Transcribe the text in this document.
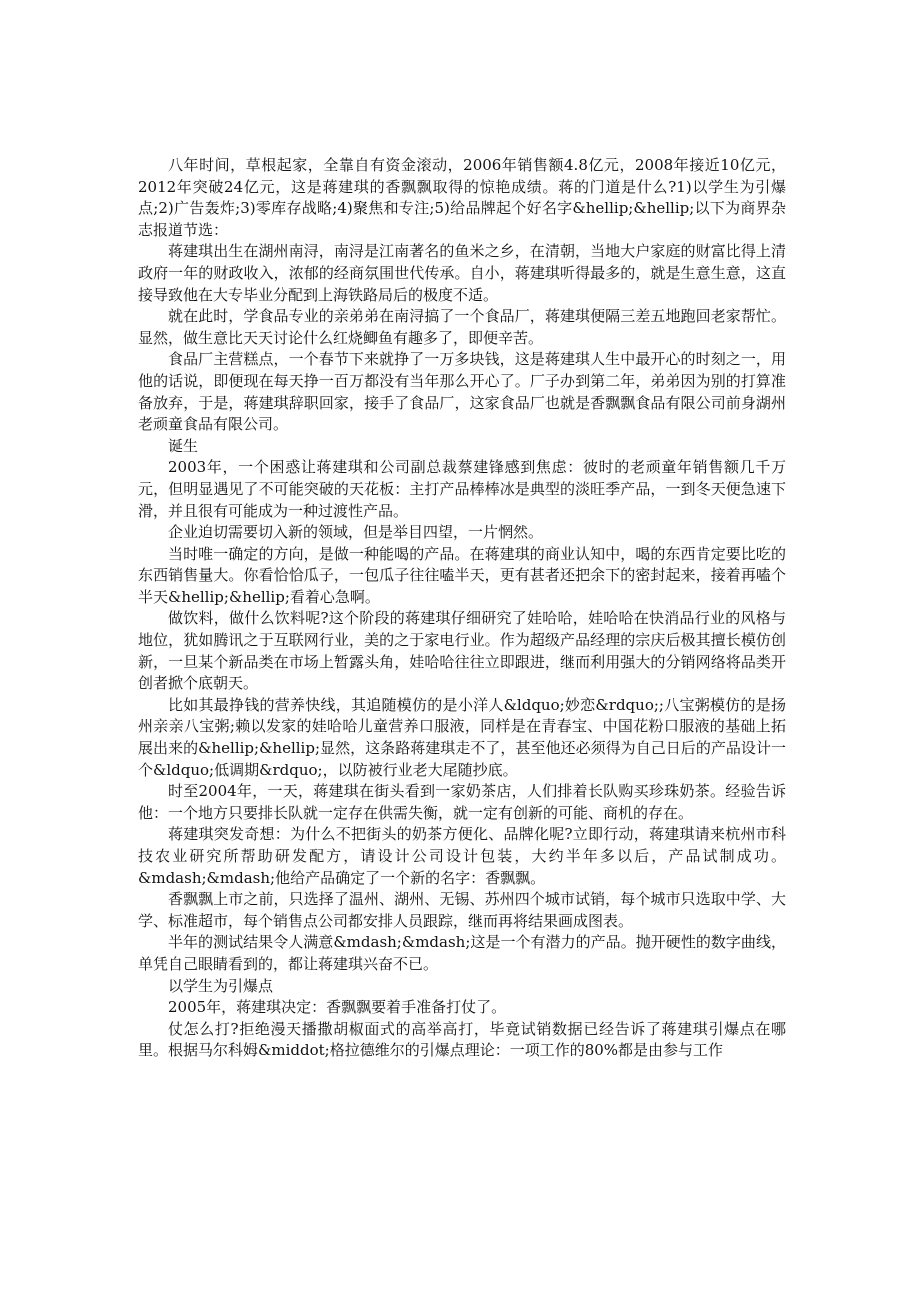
八年时间，草根起家，全靠自有资金滚动，2006年销售额4.8亿元，2008年接近10亿元，2012年突破24亿元，这是蒋建琪的香飘飘取得的惊艳成绩。蒋的门道是什么?1)以学生为引爆点;2)广告轰炸;3)零库存战略;4)聚焦和专注;5)给品牌起个好名字&hellip;&hellip;以下为商界杂志报道节选：

蒋建琪出生在湖州南浔，南浔是江南著名的鱼米之乡，在清朝，当地大户家庭的财富比得上清政府一年的财政收入，浓郁的经商氛围世代传承。自小，蒋建琪听得最多的，就是生意生意，这直接导致他在大专毕业分配到上海铁路局后的极度不适。

就在此时，学食品专业的亲弟弟在南浔搞了一个食品厂，蒋建琪便隔三差五地跑回老家帮忙。显然，做生意比天天讨论什么红烧鲫鱼有趣多了，即便辛苦。

食品厂主营糕点，一个春节下来就挣了一万多块钱，这是蒋建琪人生中最开心的时刻之一，用他的话说，即便现在每天挣一百万都没有当年那么开心了。厂子办到第二年，弟弟因为别的打算准备放弃，于是，蒋建琪辞职回家，接手了食品厂，这家食品厂也就是香飘飘食品有限公司前身湖州老顽童食品有限公司。

诞生

2003年，一个困惑让蒋建琪和公司副总裁蔡建锋感到焦虑：彼时的老顽童年销售额几千万元，但明显遇见了不可能突破的天花板：主打产品棒棒冰是典型的淡旺季产品，一到冬天便急速下滑，并且很有可能成为一种过渡性产品。

企业迫切需要切入新的领域，但是举目四望，一片惘然。

当时唯一确定的方向，是做一种能喝的产品。在蒋建琪的商业认知中，喝的东西肯定要比吃的东西销售量大。你看恰恰瓜子，一包瓜子往往嗑半天，更有甚者还把余下的密封起来，接着再嗑个半天&hellip;&hellip;看着心急啊。

做饮料，做什么饮料呢?这个阶段的蒋建琪仔细研究了娃哈哈，娃哈哈在快消品行业的风格与地位，犹如腾讯之于互联网行业，美的之于家电行业。作为超级产品经理的宗庆后极其擅长模仿创新，一旦某个新品类在市场上暂露头角，娃哈哈往往立即跟进，继而利用强大的分销网络将品类开创者掀个底朝天。

比如其最挣钱的营养快线，其追随模仿的是小洋人&ldquo;妙恋&rdquo;;八宝粥模仿的是扬州亲亲八宝粥;赖以发家的娃哈哈儿童营养口服液，同样是在青春宝、中国花粉口服液的基础上拓展出来的&hellip;&hellip;显然，这条路蒋建琪走不了，甚至他还必须得为自己日后的产品设计一个&ldquo;低调期&rdquo;，以防被行业老大尾随抄底。

时至2004年，一天，蒋建琪在街头看到一家奶茶店，人们排着长队购买珍珠奶茶。经验告诉他：一个地方只要排长队就一定存在供需失衡，就一定有创新的可能、商机的存在。

蒋建琪突发奇想：为什么不把街头的奶茶方便化、品牌化呢?立即行动，蒋建琪请来杭州市科技农业研究所帮助研发配方，请设计公司设计包装，大约半年多以后，产品试制成功。&mdash;&mdash;他给产品确定了一个新的名字：香飘飘。

香飘飘上市之前，只选择了温州、湖州、无锡、苏州四个城市试销，每个城市只选取中学、大学、标准超市，每个销售点公司都安排人员跟踪，继而再将结果画成图表。

半年的测试结果令人满意&mdash;&mdash;这是一个有潜力的产品。抛开硬性的数字曲线，单凭自己眼睛看到的，都让蒋建琪兴奋不已。

以学生为引爆点

2005年，蒋建琪决定：香飘飘要着手准备打仗了。

仗怎么打?拒绝漫天播撒胡椒面式的高举高打，毕竟试销数据已经告诉了蒋建琪引爆点在哪里。根据马尔科姆&middot;格拉德维尔的引爆点理论：一项工作的80%都是由参与工作
